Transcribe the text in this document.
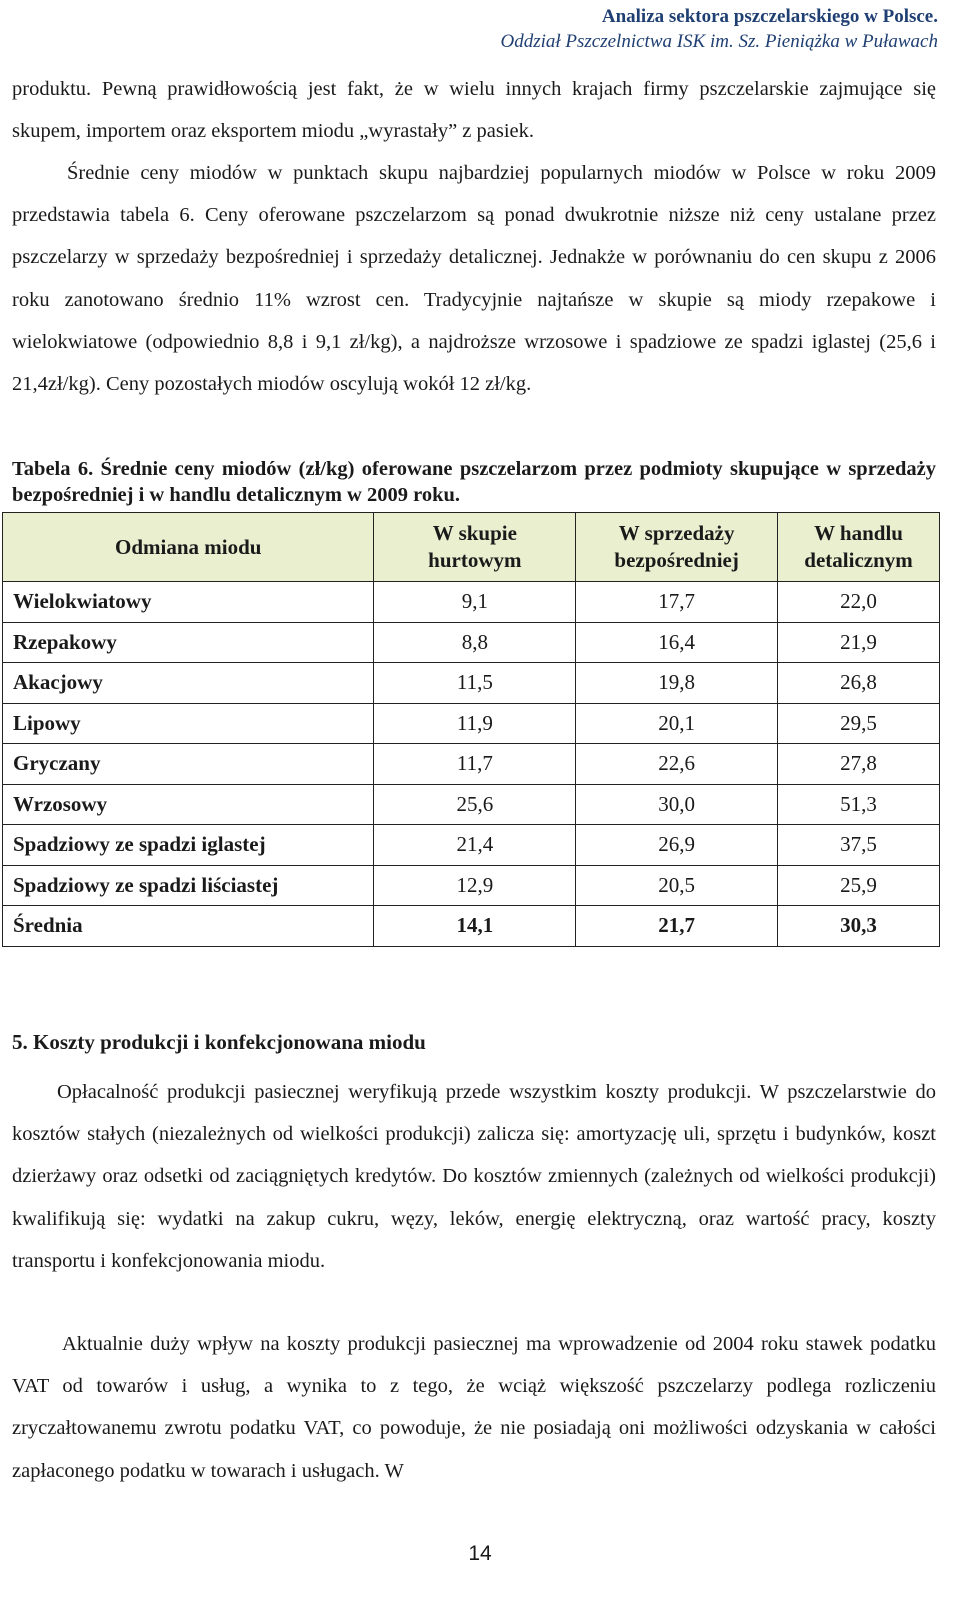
Analiza sektora pszczelarskiego w Polsce.
Oddział Pszczelnictwa ISK im. Sz. Pieniążka w Puławach

produktu. Pewną prawidłowością jest fakt, że w wielu innych krajach firmy pszczelarskie zajmujące się skupem, importem oraz eksportem miodu „wyrastały” z pasiek.

Średnie ceny miodów w punktach skupu najbardziej popularnych miodów w Polsce w roku 2009 przedstawia tabela 6. Ceny oferowane pszczelarzom są ponad dwukrotnie niższe niż ceny ustalane przez pszczelarzy w sprzedaży bezpośredniej i sprzedaży detalicznej. Jednakże w porównaniu do cen skupu z 2006 roku zanotowano średnio 11% wzrost cen. Tradycyjnie najtańsze w skupie są miody rzepakowe i wielokwiatowe (odpowiednio 8,8 i 9,1 zł/kg), a najdroższe wrzosowe i spadziowe ze spadzi iglastej (25,6 i 21,4zł/kg). Ceny pozostałych miodów oscylują wokół 12 zł/kg.

Tabela 6. Średnie ceny miodów (zł/kg) oferowane pszczelarzom przez podmioty skupujące w sprzedaży bezpośredniej i w handlu detalicznym w 2009 roku.

Odmiana miodu	W skupie hurtowym	W sprzedaży bezpośredniej	W handlu detalicznym
Wielokwiatowy	9,1	17,7	22,0
Rzepakowy	8,8	16,4	21,9
Akacjowy	11,5	19,8	26,8
Lipowy	11,9	20,1	29,5
Gryczany	11,7	22,6	27,8
Wrzosowy	25,6	30,0	51,3
Spadziowy ze spadzi iglastej	21,4	26,9	37,5
Spadziowy ze spadzi liściastej	12,9	20,5	25,9
Średnia	14,1	21,7	30,3
5. Koszty produkcji i konfekcjonowana miodu

Opłacalność produkcji pasiecznej weryfikują przede wszystkim koszty produkcji. W pszczelarstwie do kosztów stałych (niezależnych od wielkości produkcji) zalicza się: amortyzację uli, sprzętu i budynków, koszt dzierżawy oraz odsetki od zaciągniętych kredytów. Do kosztów zmiennych (zależnych od wielkości produkcji) kwalifikują się: wydatki na zakup cukru, węzy, leków, energię elektryczną, oraz wartość pracy, koszty transportu i konfekcjonowania miodu.

Aktualnie duży wpływ na koszty produkcji pasiecznej ma wprowadzenie od 2004 roku stawek podatku VAT od towarów i usług, a wynika to z tego, że wciąż większość pszczelarzy podlega rozliczeniu zryczałtowanemu zwrotu podatku VAT, co powoduje, że nie posiadają oni możliwości odzyskania w całości zapłaconego podatku w towarach i usługach. W

14
